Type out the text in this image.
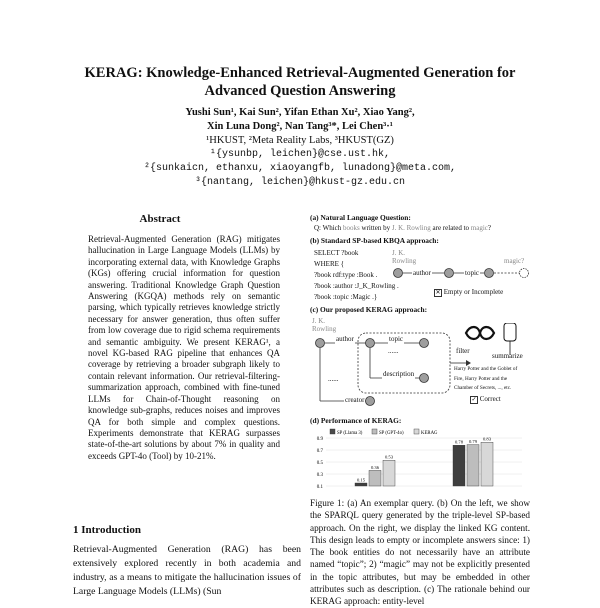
KERAG: Knowledge-Enhanced Retrieval-Augmented Generation for
Advanced Question Answering
Yushi Sun¹, Kai Sun², Yifan Ethan Xu², Xiao Yang²,
Xin Luna Dong², Nan Tang³*, Lei Chen³·¹
¹HKUST, ²Meta Reality Labs, ³HKUST(GZ)
¹{ysunbp, leichen}@cse.ust.hk,
²{sunkaicn, ethanxu, xiaoyangfb, lunadong}@meta.com,
³{nantang, leichen}@hkust-gz.edu.cn
Abstract
Retrieval-Augmented Generation (RAG) mitigates hallucination in Large Language Models (LLMs) by incorporating external data, with Knowledge Graphs (KGs) offering crucial information for question answering. Traditional Knowledge Graph Question Answering (KGQA) methods rely on semantic parsing, which typically retrieves knowledge strictly necessary for answer generation, thus often suffer from low coverage due to rigid schema requirements and semantic ambiguity. We present KERAG¹, a novel KG-based RAG pipeline that enhances QA coverage by retrieving a broader subgraph likely to contain relevant information. Our retrieval-filtering-summarization approach, combined with fine-tuned LLMs for Chain-of-Thought reasoning on knowledge sub-graphs, reduces noises and improves QA for both simple and complex questions. Experiments demonstrate that KERAG surpasses state-of-the-art solutions by about 7% in quality and exceeds GPT-4o (Tool) by 10-21%.
1 Introduction
Retrieval-Augmented Generation (RAG) has been extensively explored recently in both academia and industry, as a means to mitigate the hallucination issues of Large Language Models (LLMs) (Sun
(a) Natural Language Question:
Q: Which books written by J. K. Rowling are related to magic?
(b) Standard SP-based KBQA approach:
SELECT ?book
WHERE {
?book rdf:type :Book .
?book :author :J_K_Rowling .
?book :topic :Magic .}
J. K. Rowling	magic?
author	topic
✕ Empty or Incomplete
(c) Our proposed KERAG approach:
J. K. Rowling
......
author	topic
......
description
creator
filter
summarize
Harry Potter and the Goblet of
Fire, Harry Potter and the
Chamber of Secrets, ..., etc.
✓ Correct
(d) Performance of KERAG:
SP (Llama 3)	SP (GPT-4o)	KERAG
0.1
0.3
0.5
0.7
0.9
0.15
0.36
0.53
0.78 0.79 0.83
Figure 1: (a) An exemplar query. (b) On the left, we show the SPARQL query generated by the triple-level SP-based approach. On the right, we display the linked KG content. This design leads to empty or incomplete answers since: 1) The book entities do not necessarily have an attribute named “topic”; 2) “magic” may not be explicitly presented in the topic attributes, but may be embedded in other attributes such as description. (c) The rationale behind our KERAG approach: entity-level
